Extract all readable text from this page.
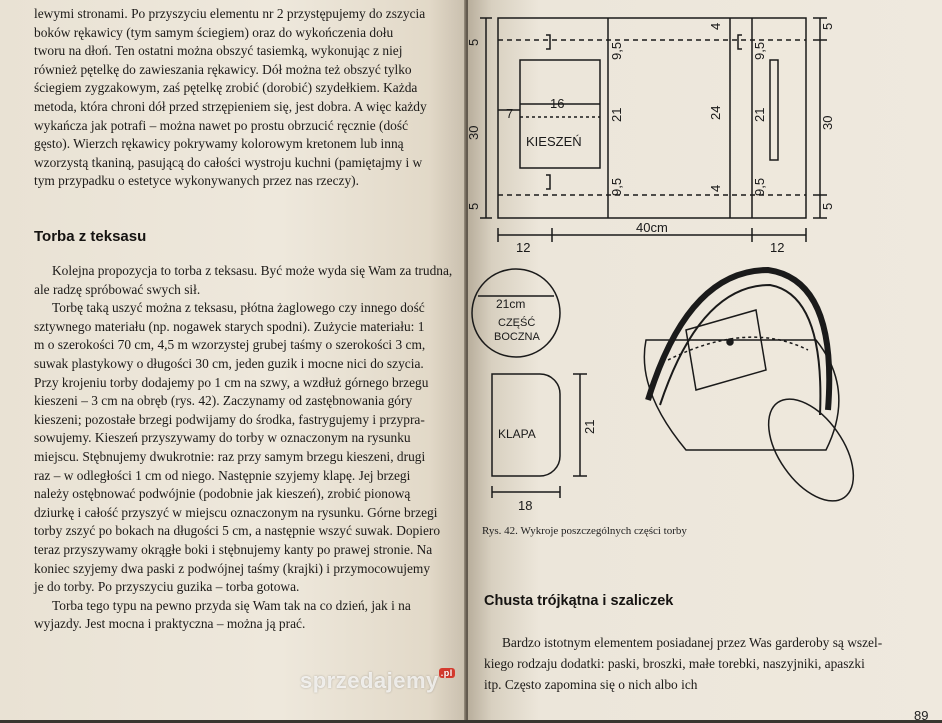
lewymi stronami. Po przyszyciu elementu nr 2 przystępujemy do zszycia

boków rękawicy (tym samym ściegiem) oraz do wykończenia dołu

tworu na dłoń. Ten ostatni można obszyć tasiemką, wykonując z niej

również pętelkę do zawieszania rękawicy. Dół można też obszyć tylko

ściegiem zygzakowym, zaś pętelkę zrobić (dorobić) szydełkiem. Każda

metoda, która chroni dół przed strzępieniem się, jest dobra. A więc każdy

wykańcza jak potrafi – można nawet po prostu obrzucić ręcznie (dość

gęsto). Wierzch rękawicy pokrywamy kolorowym kretonem lub inną

wzorzystą tkaniną, pasującą do całości wystroju kuchni (pamiętajmy i w

tym przypadku o estetyce wykonywanych przez nas rzeczy).

Torba z teksasu

Kolejna propozycja to torba z teksasu. Być może wyda się Wam za trudna,

ale radzę spróbować swych sił.

Torbę taką uszyć można z teksasu, płótna żaglowego czy innego dość

sztywnego materiału (np. nogawek starych spodni). Zużycie materiału: 1

m o szerokości 70 cm, 4,5 m wzorzystej grubej taśmy o szerokości 3 cm,

suwak plastykowy o długości 30 cm, jeden guzik i mocne nici do szycia.

Przy krojeniu torby dodajemy po 1 cm na szwy, a wzdłuż górnego brzegu

kieszeni – 3 cm na obręb (rys. 42). Zaczynamy od zastębnowania góry

kieszeni; pozostałe brzegi podwijamy do środka, fastrygujemy i przypra-

sowujemy. Kieszeń przyszywamy do torby w oznaczonym na rysunku

miejscu. Stębnujemy dwukrotnie: raz przy samym brzegu kieszeni, drugi

raz – w odległości 1 cm od niego. Następnie szyjemy klapę. Jej brzegi

należy ostębnować podwójnie (podobnie jak kieszeń), zrobić pionową

dziurkę i całość przyszyć w miejscu oznaczonym na rysunku. Górne brzegi

torby zszyć po bokach na długości 5 cm, a następnie wszyć suwak. Dopiero

teraz przyszywamy okrągłe boki i stębnujemy kanty po prawej stronie. Na

koniec szyjemy dwa paski z podwójnej taśmy (krajki) i przymocowujemy

je do torby. Po przyszyciu guzika – torba gotowa.

Torba tego typu na pewno przyda się Wam tak na co dzień, jak i na

wyjazdy. Jest mocna i praktyczna – można ją prać.

5
30
5
7
16
KIESZEŃ
9,5
21
9,5
4
24
4
21
9,5
9,5
5
30
5
12
40cm
12
21cm
CZĘŚĆ
BOCZNA
KLAPA	21
18
Rys. 42. Wykroje poszczególnych części torby
Chusta trójkątna i szaliczek

Bardzo istotnym elementem posiadanej przez Was garderoby są wszel-

kiego rodzaju dodatki: paski, broszki, małe torebki, naszyjniki, apaszki

itp. Często zapomina się o nich albo ich

89
sprzedajemy .pl
